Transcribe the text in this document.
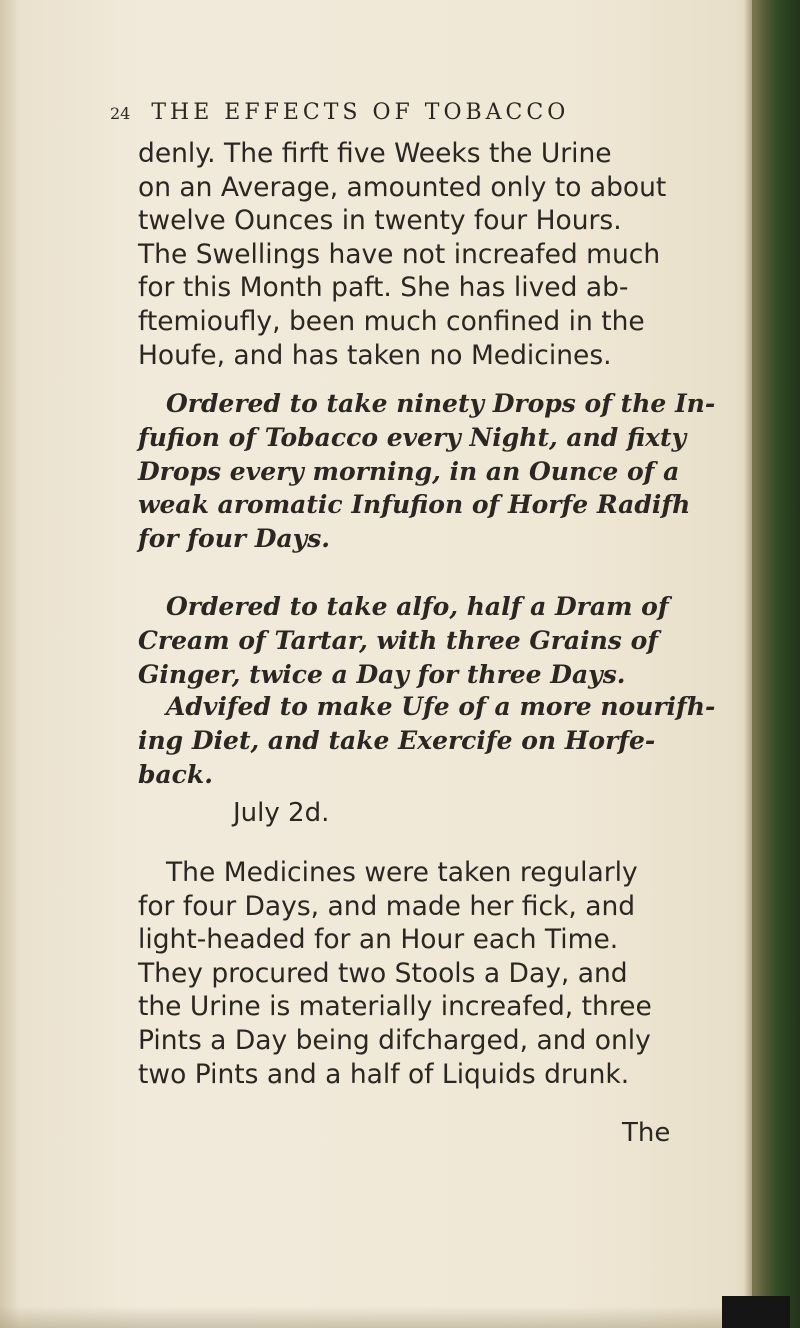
24 THE EFFECTS OF TOBACCO
denly. The firft five Weeks the Urine
on an Average, amounted only to about
twelve Ounces in twenty four Hours.
The Swellings have not increafed much
for this Month paft. She has lived ab-
ftemioufly, been much confined in the
Houfe, and has taken no Medicines.
Ordered to take ninety Drops of the In-
fufion of Tobacco every Night, and fixty
Drops every morning, in an Ounce of a
weak aromatic Infufion of Horfe Radifh
for four Days.
Ordered to take alfo, half a Dram of
Cream of Tartar, with three Grains of
Ginger, twice a Day for three Days.
Advifed to make Ufe of a more nourifh-
ing Diet, and take Exercife on Horfe-
back.
July 2d.
The Medicines were taken regularly
for four Days, and made her fick, and
light-headed for an Hour each Time.
They procured two Stools a Day, and
the Urine is materially increafed, three
Pints a Day being difcharged, and only
two Pints and a half of Liquids drunk.
The
